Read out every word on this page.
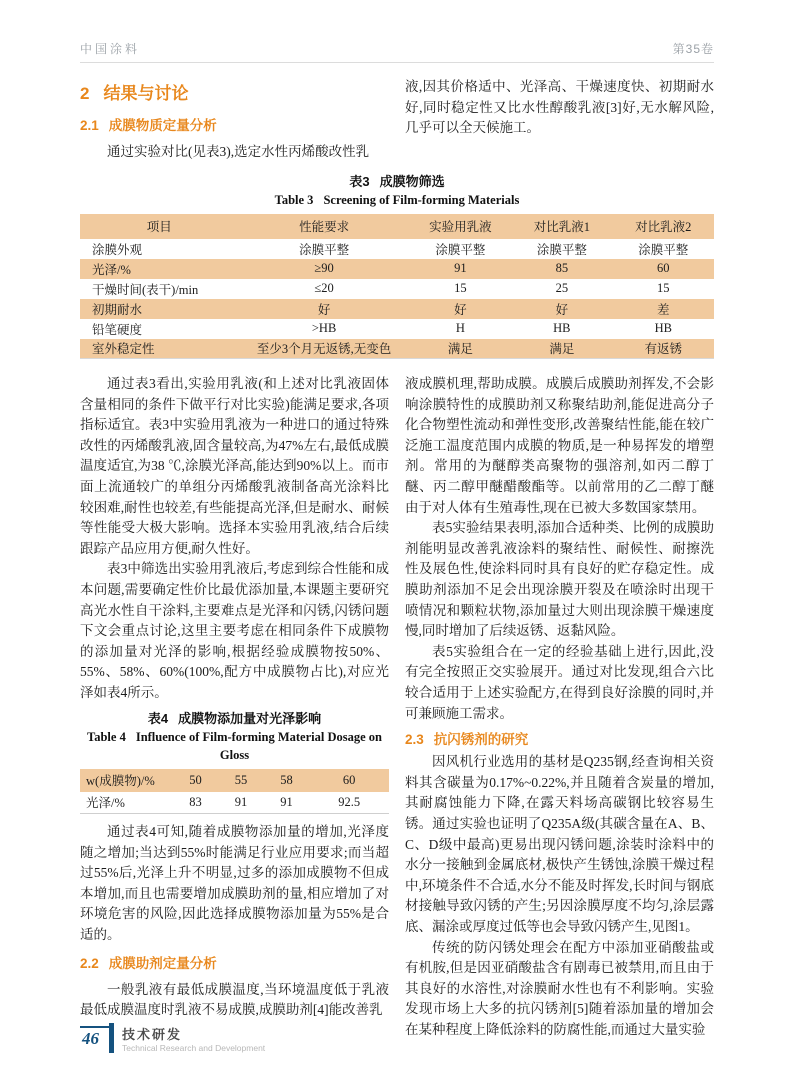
中国涂料	第35卷
2 结果与讨论
2.1 成膜物质定量分析

通过实验对比(见表3),选定水性丙烯酸改性乳

液,因其价格适中、光泽高、干燥速度快、初期耐水好,同时稳定性又比水性醇酸乳液[3]好,无水解风险,几乎可以全天候施工。

表3 成膜物筛选
Table 3 Screening of Film-forming Materials
项目	性能要求	实验用乳液	对比乳液1	对比乳液2
涂膜外观	涂膜平整	涂膜平整	涂膜平整	涂膜平整
光泽/%	≥90	91	85	60
干燥时间(表干)/min	≤20	15	25	15
初期耐水	好	好	好	差
铅笔硬度	>HB	H	HB	HB
室外稳定性	至少3个月无返锈,无变色	满足	满足	有返锈

通过表3看出,实验用乳液(和上述对比乳液固体含量相同的条件下做平行对比实验)能满足要求,各项指标适宜。表3中实验用乳液为一种进口的通过特殊改性的丙烯酸乳液,固含量较高,为47%左右,最低成膜温度适宜,为38 ℃,涂膜光泽高,能达到90%以上。而市面上流通较广的单组分丙烯酸乳液制备高光涂料比较困难,耐性也较差,有些能提高光泽,但是耐水、耐候等性能受大极大影响。选择本实验用乳液,结合后续跟踪产品应用方便,耐久性好。

表3中筛选出实验用乳液后,考虑到综合性能和成本问题,需要确定性价比最优添加量,本课题主要研究高光水性自干涂料,主要难点是光泽和闪锈,闪锈问题下文会重点讨论,这里主要考虑在相同条件下成膜物的添加量对光泽的影响,根据经验成膜物按50%、55%、58%、60%(100%,配方中成膜物占比),对应光泽如表4所示。

表4 成膜物添加量对光泽影响
Table 4 Influence of Film-forming Material Dosage on
Gloss
w(成膜物)/%	50	55	58	60
光泽/%	83	91	91	92.5

通过表4可知,随着成膜物添加量的增加,光泽度随之增加;当达到55%时能满足行业应用要求;而当超过55%后,光泽上升不明显,过多的添加成膜物不但成本增加,而且也需要增加成膜助剂的量,相应增加了对环境危害的风险,因此选择成膜物添加量为55%是合适的。

2.2 成膜助剂定量分析

一般乳液有最低成膜温度,当环境温度低于乳液最低成膜温度时乳液不易成膜,成膜助剂[4]能改善乳

液成膜机理,帮助成膜。成膜后成膜助剂挥发,不会影响涂膜特性的成膜助剂又称聚结助剂,能促进高分子化合物塑性流动和弹性变形,改善聚结性能,能在较广泛施工温度范围内成膜的物质,是一种易挥发的增塑剂。常用的为醚醇类高聚物的强溶剂,如丙二醇丁醚、丙二醇甲醚醋酸酯等。以前常用的乙二醇丁醚由于对人体有生殖毒性,现在已被大多数国家禁用。

表5实验结果表明,添加合适种类、比例的成膜助剂能明显改善乳液涂料的聚结性、耐候性、耐擦洗性及展色性,使涂料同时具有良好的贮存稳定性。成膜助剂添加不足会出现涂膜开裂及在喷涂时出现干喷情况和颗粒状物,添加量过大则出现涂膜干燥速度慢,同时增加了后续返锈、返黏风险。

表5实验组合在一定的经验基础上进行,因此,没有完全按照正交实验展开。通过对比发现,组合六比较合适用于上述实验配方,在得到良好涂膜的同时,并可兼顾施工需求。

2.3 抗闪锈剂的研究

因风机行业选用的基材是Q235钢,经查询相关资料其含碳量为0.17%~0.22%,并且随着含炭量的增加,其耐腐蚀能力下降,在露天料场高碳钢比较容易生锈。通过实验也证明了Q235A级(其碳含量在A、B、C、D级中最高)更易出现闪锈问题,涂装时涂料中的水分一接触到金属底材,极快产生锈蚀,涂膜干燥过程中,环境条件不合适,水分不能及时挥发,长时间与钢底材接触导致闪锈的产生;另因涂膜厚度不均匀,涂层露底、漏涂或厚度过低等也会导致闪锈产生,见图1。

传统的防闪锈处理会在配方中添加亚硝酸盐或有机胺,但是因亚硝酸盐含有剧毒已被禁用,而且由于其良好的水溶性,对涂膜耐水性也有不利影响。实验发现市场上大多的抗闪锈剂[5]随着添加量的增加会在某种程度上降低涂料的防腐性能,而通过大量实验

46	技术研发
Technical Research and Development
